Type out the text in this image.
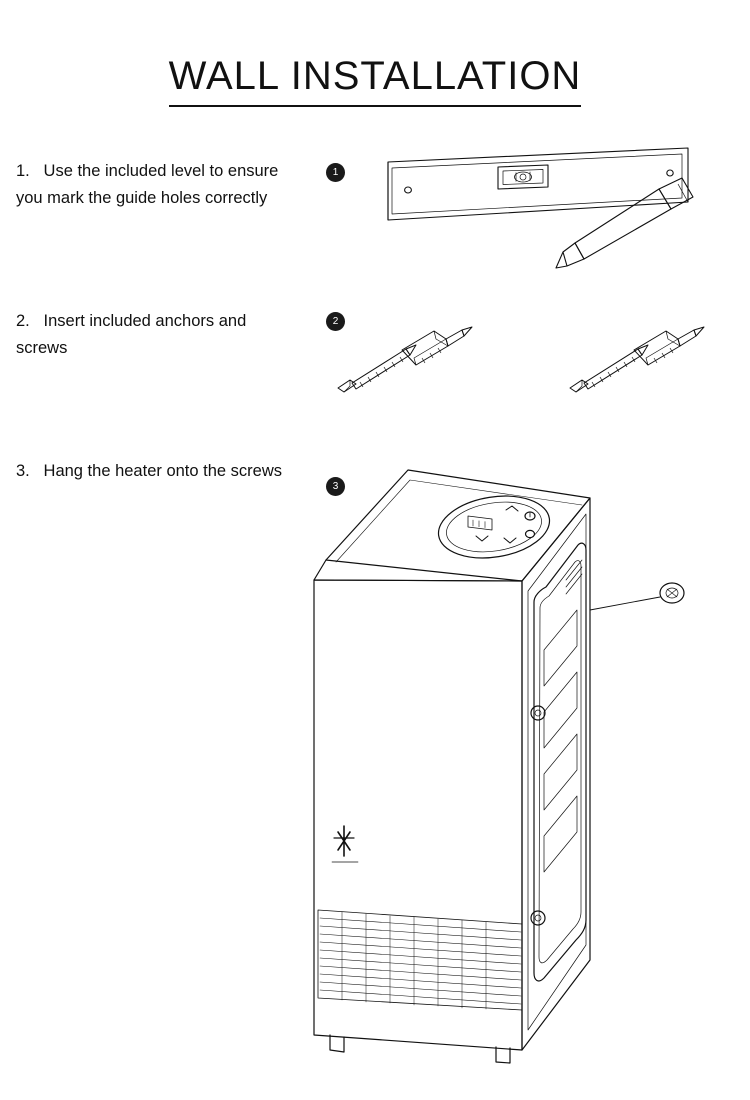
WALL INSTALLATION
1. Use the included level to ensure you mark the guide holes correctly
1
2. Insert included anchors and screws
2
3. Hang the heater onto the screws
3
